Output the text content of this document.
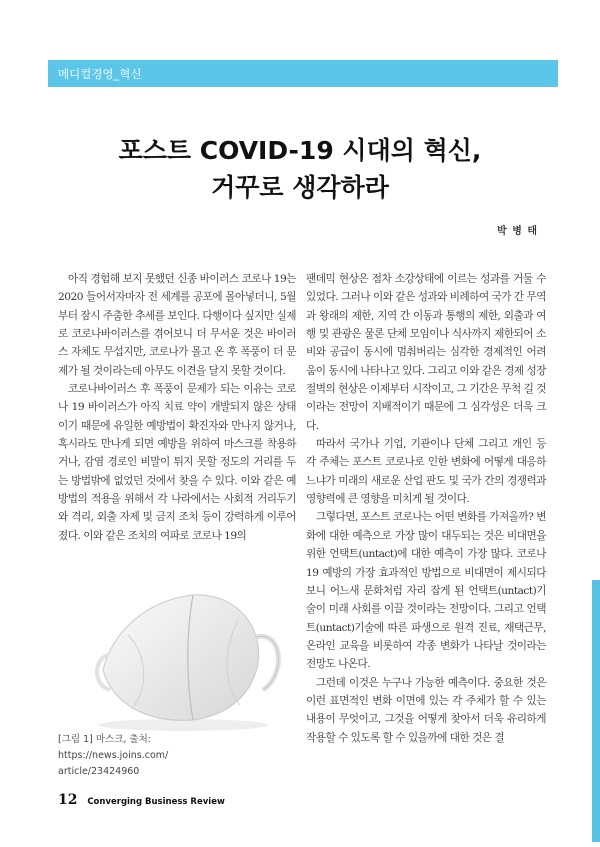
메디컬경영_혁신
포스트 COVID-19 시대의 혁신,
거꾸로 생각하라
박 병 태

아직 경험해 보지 못했던 신종 바이러스 코로나 19는 2020 들어서자마자 전 세계를 공포에 몰아넣더니, 5월부터 잠시 주춤한 추세를 보인다. 다행이다 싶지만 실제로 코로나바이러스를 겪어보니 더 무서운 것은 바이러스 자체도 무섭지만, 코로나가 몰고 온 후 폭풍이 더 문제가 될 것이라는데 아무도 이견을 달지 못할 것이다.

코로나바이러스 후 폭풍이 문제가 되는 이유는 코로나 19 바이러스가 아직 치료 약이 개발되지 않은 상태이기 때문에 유일한 예방법이 확진자와 만나지 않거나, 혹시라도 만나게 되면 예방을 위하여 마스크를 착용하거나, 감염 경로인 비말이 튀지 못할 정도의 거리를 두는 방법밖에 없었던 것에서 찾을 수 있다. 이와 같은 예방법의 적용을 위해서 각 나라에서는 사회적 거리두기와 격리, 외출 자제 및 금지 조치 등이 강력하게 이루어졌다. 이와 같은 조치의 여파로 코로나 19의

팬데믹 현상은 점차 소강상태에 이르는 성과를 거둘 수 있었다. 그러나 이와 같은 성과와 비례하여 국가 간 무역과 왕래의 제한, 지역 간 이동과 통행의 제한, 외출과 여행 및 관광은 물론 단체 모임이나 식사까지 제한되어 소비와 공급이 동시에 멈춰버리는 심각한 경제적인 어려움이 동시에 나타나고 있다. 그리고 이와 같은 경제 성장 절벽의 현상은 이제부터 시작이고, 그 기간은 무척 길 것이라는 전망이 지배적이기 때문에 그 심각성은 더욱 크다.

따라서 국가나 기업, 기관이나 단체 그리고 개인 등 각 주체는 포스트 코로나로 인한 변화에 어떻게 대응하느냐가 미래의 새로운 산업 판도 및 국가 간의 경쟁력과 영향력에 큰 영향을 미치게 될 것이다.

그렇다면, 포스트 코로나는 어떤 변화를 가져올까? 변화에 대한 예측으로 가장 많이 대두되는 것은 비대면을 위한 언택트(untact)에 대한 예측이 가장 많다. 코로나 19 예방의 가장 효과적인 방법으로 비대면이 제시되다 보니 어느새 문화처럼 자리 잡게 된 언택트(untact)기술이 미래 사회를 이끌 것이라는 전망이다. 그리고 언택트(untact)기술에 따른 파생으로 원격 진료, 재택근무, 온라인 교육을 비롯하여 각종 변화가 나타날 것이라는 전망도 나온다.

그런데 이것은 누구나 가능한 예측이다. 중요한 것은 이런 표면적인 변화 이면에 있는 각 주체가 할 수 있는 내용이 무엇이고, 그것을 어떻게 찾아서 더욱 유리하게 작용할 수 있도록 할 수 있을까에 대한 것은 결

[그림 1] 마스크, 출처: https://news.joins.com/
article/23424960
12 Converging Business Review
